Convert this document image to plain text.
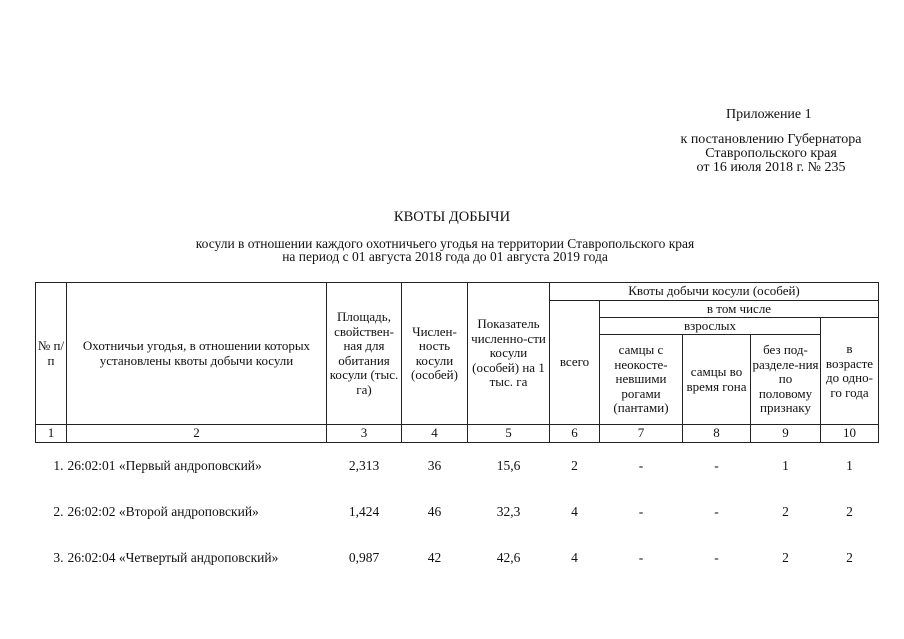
Приложение 1
к постановлению Губернатора
Ставропольского края
от 16 июля 2018 г. № 235
КВОТЫ ДОБЫЧИ
косули в отношении каждого охотничьего угодья на территории Ставропольского края
на период с 01 августа 2018 года до 01 августа 2019 года
№ п/п	Охотничьи угодья, в отношении которых установлены квоты добычи косули	Площадь, свойствен-ная для обитания косули (тыс. га)	Числен-ность косули (особей)	Показатель численно-сти косули (особей) на 1 тыс. га	Квоты добычи косули (особей)				
					всего	в том числе			
						взрослых			в возрасте до одно-го года
						самцы с неокосте-невшими рогами (пантами)	самцы во время гона	без под-разделе-ния по половому признаку	
1	2	3	4	5	6	7	8	9	10
1.	26:02:01 «Первый андроповский»	2,313	36	15,6	2	-	-	1	1
2.	26:02:02 «Второй андроповский»	1,424	46	32,3	4	-	-	2	2
3.	26:02:04 «Четвертый андроповский»	0,987	42	42,6	4	-	-	2	2
